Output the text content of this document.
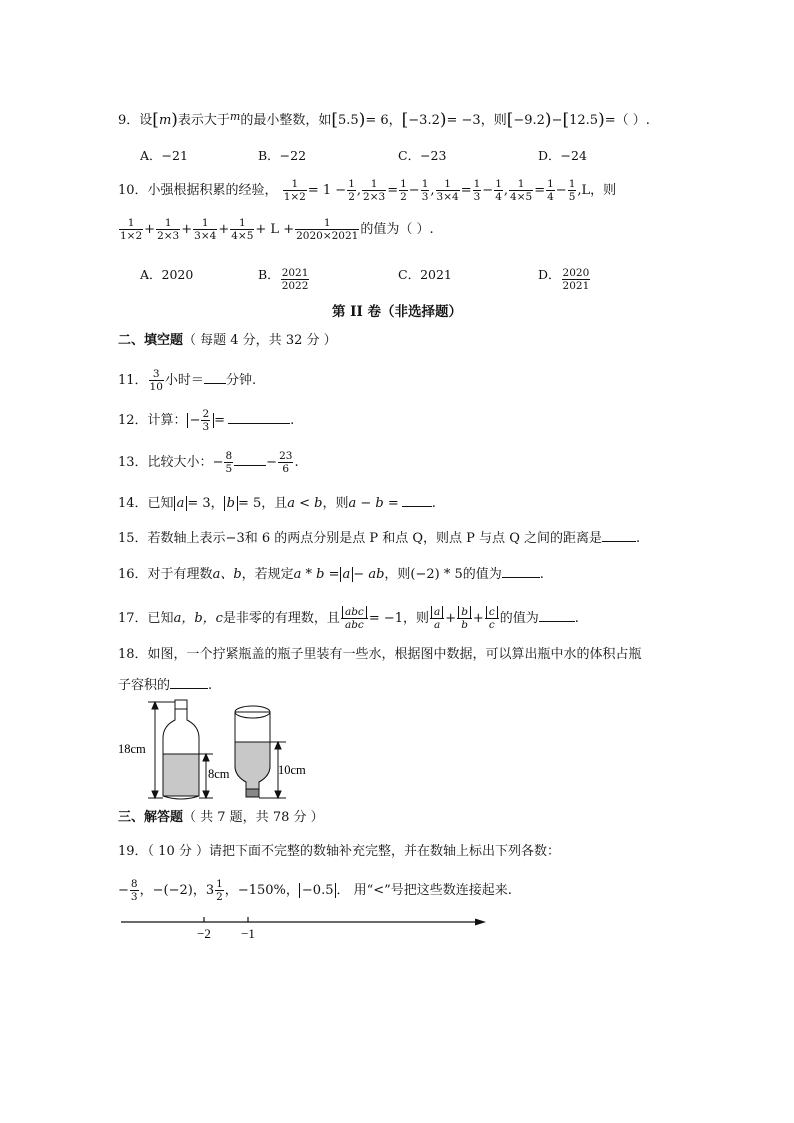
9．设[m)表示大于$^m$的最小整数，如[5.5)= 6，[−3.2)= −3，则[−9.2)−[12.5)=（ ）.
A．−21	B．−22	C．−23	D．−24
10．小强根据积累的经验， $\frac{1}{1\times 2} = 1 - \frac{1}{2}$ , $\frac{1}{2\times 3} = \frac{1}{2} - \frac{1}{3}$ , $\frac{1}{3\times 4} = \frac{1}{3} - \frac{1}{4}$ , $\frac{1}{4\times 5} = \frac{1}{4} - \frac{1}{5} ,L$，则
$\frac{1}{1\times 2} + \frac{1}{2\times 3} + \frac{1}{3\times 4} + \frac{1}{4\times 5} + L + \frac{1}{2020\times 2021}$ 的值为（ ）.
A．2020	B． $\frac{2021}{2022}$	C．2021	D． $\frac{2020}{2021}$
第 II 卷（非选择题）
二、填空题（ 每题 4 分，共 32 分 ）
11． $\frac{3}{10}$ 小时＝ 分钟.
12．计算： − $\frac{2}{3}$ =	.
13．比较大小：− $\frac{8}{5}$	− $\frac{23}{6}$ .
14．已知 a = 3， b = 5，且a < b，则a − b =	.
15．若数轴上表示−3和 6 的两点分别是点 P 和点 Q，则点 P 与点 Q 之间的距离是	.
16．对于有理数a、b，若规定a * b = a − ab，则(−2) * 5的值为	.
17．已知a，b，c是非零的有理数，且 abc
abc = −1，则 $\frac{a}{a} + \frac{b}{b} + \frac{c}{c}$ 的值为	.
18．如图，一个拧紧瓶盖的瓶子里装有一些水，根据图中数据，可以算出瓶中水的体积占瓶
子容积的	.
18cm
8cm	10cm
三、解答题（ 共 7 题，共 78 分 ）
19．（ 10 分 ）请把下面不完整的数轴补充完整，并在数轴上标出下列各数：
− $\frac{8}{3}$ ，−(−2)，$3 \frac{1}{2}$ ，−150%， −0.5 ． 用“<”号把这些数连接起来.
−2 −1
